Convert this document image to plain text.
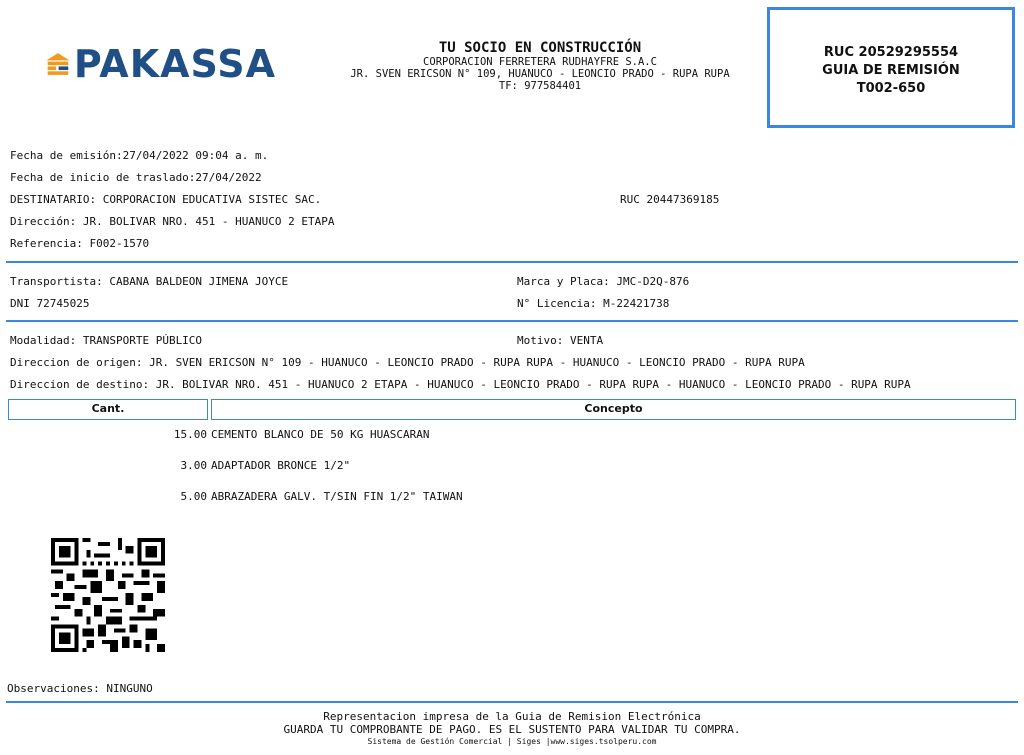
PAKASSA	TU SOCIO EN CONSTRUCCIÓN
CORPORACION FERRETERA RUDHAYFRE S.A.C
JR. SVEN ERICSON N° 109, HUANUCO - LEONCIO PRADO - RUPA RUPA
TF: 977584401
RUC 20529295554
GUIA DE REMISIÓN
T002-650
Fecha de emisión:27/04/2022 09:04 a. m.
Fecha de inicio de traslado:27/04/2022
DESTINATARIO: CORPORACION EDUCATIVA SISTEC SAC.	RUC 20447369185
Dirección: JR. BOLIVAR NRO. 451 - HUANUCO 2 ETAPA
Referencia: F002-1570
Transportista: CABANA BALDEON JIMENA JOYCE	Marca y Placa: JMC-D2Q-876
DNI 72745025	N° Licencia: M-22421738
Modalidad: TRANSPORTE PÚBLICO	Motivo: VENTA
Direccion de origen: JR. SVEN ERICSON N° 109 - HUANUCO - LEONCIO PRADO - RUPA RUPA - HUANUCO - LEONCIO PRADO - RUPA RUPA
Direccion de destino: JR. BOLIVAR NRO. 451 - HUANUCO 2 ETAPA - HUANUCO - LEONCIO PRADO - RUPA RUPA - HUANUCO - LEONCIO PRADO - RUPA RUPA
Cant.	Concepto
15.00 CEMENTO BLANCO DE 50 KG HUASCARAN
3.00 ADAPTADOR BRONCE 1/2"
5.00 ABRAZADERA GALV. T/SIN FIN 1/2" TAIWAN
Observaciones: NINGUNO
Representacion impresa de la Guia de Remision Electrónica
GUARDA TU COMPROBANTE DE PAGO. ES EL SUSTENTO PARA VALIDAR TU COMPRA.
Sistema de Gestión Comercial | Siges |www.siges.tsolperu.com
